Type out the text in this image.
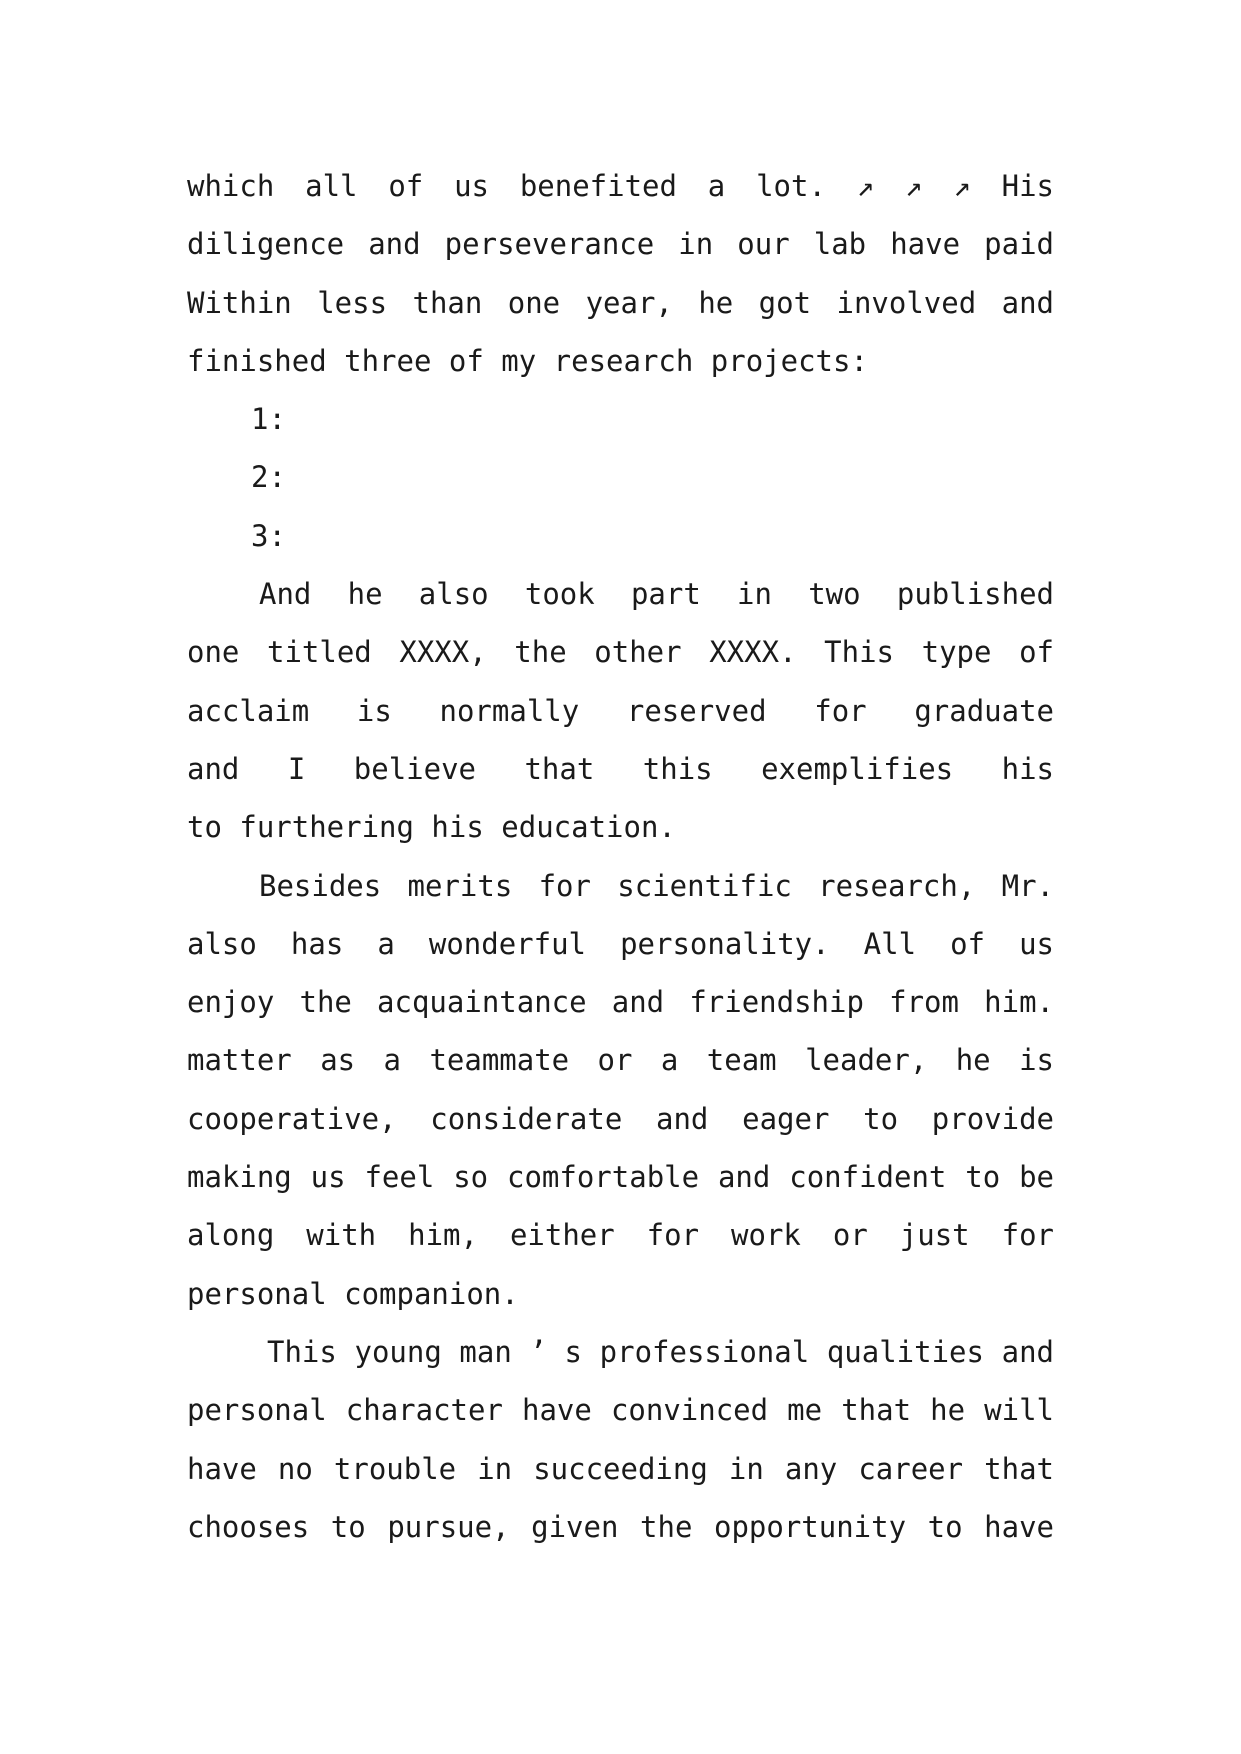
which all of us benefited a lot. ↗ ↗ ↗ His
diligence and perseverance in our lab have paid
Within less than one year, he got involved and
finished three of my research projects:
1:
2:
3:
And he also took part in two published
one titled XXXX, the other XXXX. This type of
acclaim is normally reserved for graduate
and I believe that this exemplifies his
to furthering his education.
Besides merits for scientific research, Mr.
also has a wonderful personality. All of us
enjoy the acquaintance and friendship from him.
matter as a teammate or a team leader, he is
cooperative, considerate and eager to provide
making us feel so comfortable and confident to be
along with him, either for work or just for
personal companion.
This young man ’ s professional qualities and
personal character have convinced me that he will
have no trouble in succeeding in any career that
chooses to pursue, given the opportunity to have
